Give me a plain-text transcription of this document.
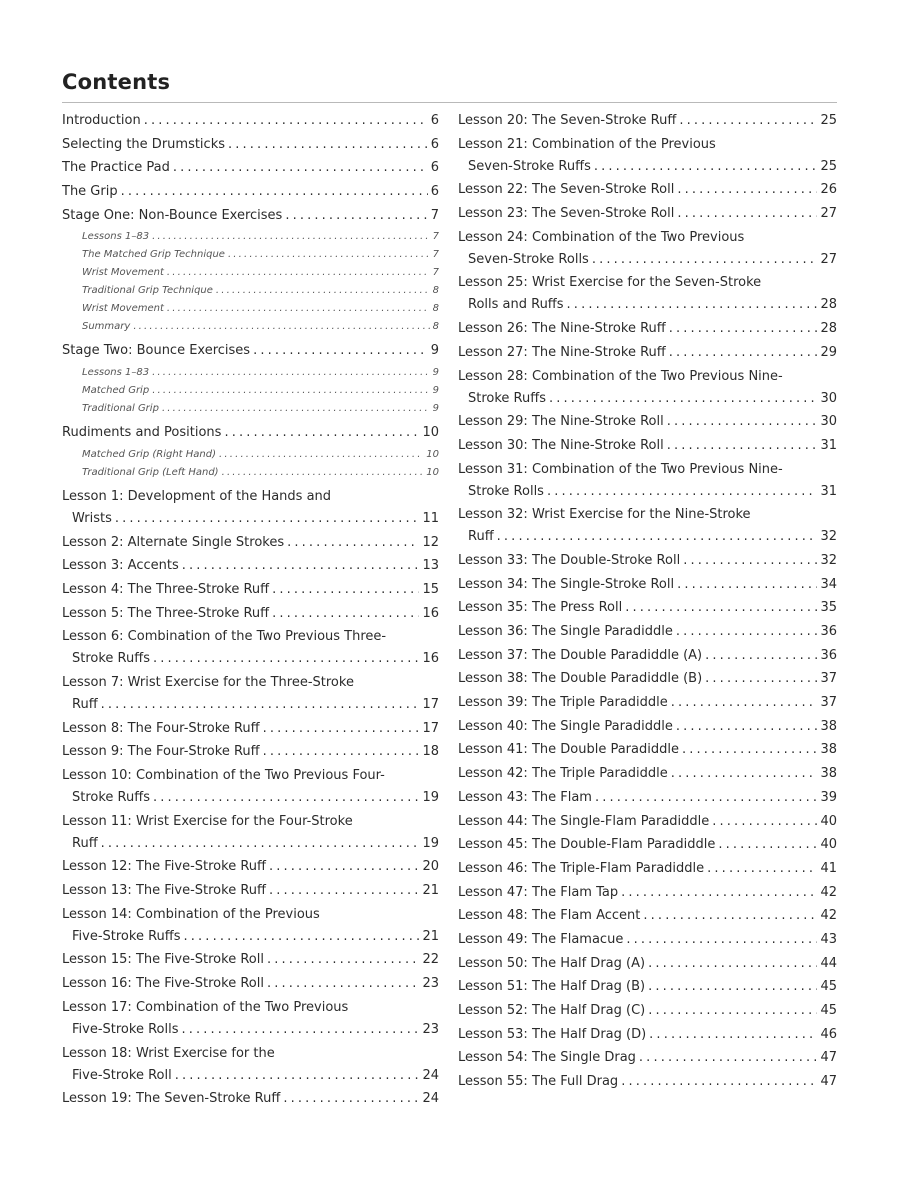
Contents
Introduction . . .	6
Selecting the Drumsticks . . .	6
The Practice Pad . . .	6
The Grip . . .	6
Stage One: Non-Bounce Exercises . . .	7
Lessons 1–83 . . .	7
The Matched Grip Technique . . .	7
Wrist Movement . . .	7
Traditional Grip Technique . . .	8
Wrist Movement . . .	8
Summary . . .	8
Stage Two: Bounce Exercises . . .	9
Lessons 1–83 . . .	9
Matched Grip . . .	9
Traditional Grip . . .	9
Rudiments and Positions . . .	10
Matched Grip (Right Hand) . . .	10
Traditional Grip (Left Hand) . . .	10
Lesson 1: Development of the Hands and
Wrists . . .	11
Lesson 2: Alternate Single Strokes . . .	12
Lesson 3: Accents . . .	13
Lesson 4: The Three-Stroke Ruff . . .	15
Lesson 5: The Three-Stroke Ruff . . .	16
Lesson 6: Combination of the Two Previous Three-
Stroke Ruffs . . .	16
Lesson 7: Wrist Exercise for the Three-Stroke
Ruff . . .	17
Lesson 8: The Four-Stroke Ruff . . .	17
Lesson 9: The Four-Stroke Ruff . . .	18
Lesson 10: Combination of the Two Previous Four-
Stroke Ruffs . . .	19
Lesson 11: Wrist Exercise for the Four-Stroke
Ruff . . .	19
Lesson 12: The Five-Stroke Ruff . . .	20
Lesson 13: The Five-Stroke Ruff . . .	21
Lesson 14: Combination of the Previous
Five-Stroke Ruffs . . .	21
Lesson 15: The Five-Stroke Roll . . .	22
Lesson 16: The Five-Stroke Roll . . .	23
Lesson 17: Combination of the Two Previous
Five-Stroke Rolls . . .	23
Lesson 18: Wrist Exercise for the
Five-Stroke Roll . . .	24
Lesson 19: The Seven-Stroke Ruff . . .	24
Lesson 20: The Seven-Stroke Ruff . . .	25
Lesson 21: Combination of the Previous
Seven-Stroke Ruffs . . .	25
Lesson 22: The Seven-Stroke Roll . . .	26
Lesson 23: The Seven-Stroke Roll . . .	27
Lesson 24: Combination of the Two Previous
Seven-Stroke Rolls . . .	27
Lesson 25: Wrist Exercise for the Seven-Stroke
Rolls and Ruffs . . .	28
Lesson 26: The Nine-Stroke Ruff . . .	28
Lesson 27: The Nine-Stroke Ruff . . .	29
Lesson 28: Combination of the Two Previous Nine-
Stroke Ruffs . . .	30
Lesson 29: The Nine-Stroke Roll . . .	30
Lesson 30: The Nine-Stroke Roll . . .	31
Lesson 31: Combination of the Two Previous Nine-
Stroke Rolls . . .	31
Lesson 32: Wrist Exercise for the Nine-Stroke
Ruff . . .	32
Lesson 33: The Double-Stroke Roll . . .	32
Lesson 34: The Single-Stroke Roll . . .	34
Lesson 35: The Press Roll . . .	35
Lesson 36: The Single Paradiddle . . .	36
Lesson 37: The Double Paradiddle (A) . . .	36
Lesson 38: The Double Paradiddle (B) . . .	37
Lesson 39: The Triple Paradiddle . . .	37
Lesson 40: The Single Paradiddle . . .	38
Lesson 41: The Double Paradiddle . . .	38
Lesson 42: The Triple Paradiddle . . .	38
Lesson 43: The Flam . . .	39
Lesson 44: The Single-Flam Paradiddle . . .	40
Lesson 45: The Double-Flam Paradiddle . . .	40
Lesson 46: The Triple-Flam Paradiddle . . .	41
Lesson 47: The Flam Tap . . .	42
Lesson 48: The Flam Accent . . .	42
Lesson 49: The Flamacue . . .	43
Lesson 50: The Half Drag (A) . . .	44
Lesson 51: The Half Drag (B) . . .	45
Lesson 52: The Half Drag (C) . . .	45
Lesson 53: The Half Drag (D) . . .	46
Lesson 54: The Single Drag . . .	47
Lesson 55: The Full Drag . . .	47
